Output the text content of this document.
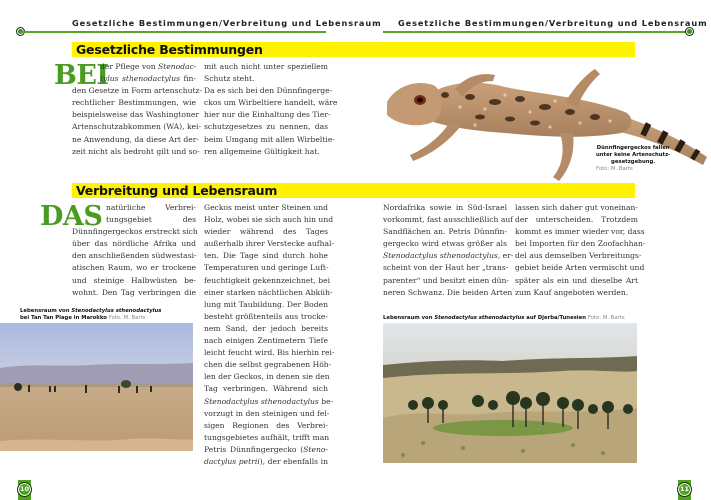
Gesetzliche Bestimmungen/Verbreitung und Lebensraum Gesetzliche Bestimmungen/Verbreitung und Lebensraum
Gesetzliche Bestimmungen
BEI
der Pflege von Stenodac-
tylus sthenodactylus fin-
den Gesetze in Form artenschutz-
rechtlicher Bestimmungen, wie
beispielsweise das Washingtoner
Artenschutzabkommen (WA), kei-
ne Anwendung, da diese Art der-
zeit nicht als bedroht gilt und so-
mit auch nicht unter speziellem
Schutz steht.
Da es sich bei den Dünnfingerge-
ckos um Wirbeltiere handelt, wäre
hier nur die Einhaltung des Tier-
schutzgesetzes zu nennen, das
beim Umgang mit allen Wirbeltie-
ren allgemeine Gültigkeit hat.	Dünnfingergeckos fallen
unter keine Artenschutz-
gesetzgebung.
Foto: M. Barts
Verbreitung und Lebensraum
DAS natürliche Verbrei-
tungsgebiet des
Dünnfingergeckos erstreckt sich
über das nördliche Afrika und
den anschließenden südwestasi-
atischen Raum, wo er trockene
und steinige Halbwüsten be-
wohnt. Den Tag verbringen die
Geckos meist unter Steinen und
Holz, wobei sie sich auch hin und
wieder während des Tages
außerhalb ihrer Verstecke aufhal-
ten. Die Tage sind durch hohe
Temperaturen und geringe Luft-
feuchtigkeit gekennzeichnet, bei
einer starken nächtlichen Abküh-
lung mit Taubildung. Der Boden
besteht größtenteils aus trocke-
nem Sand, der jedoch bereits
nach einigen Zentimetern Tiefe
leicht feucht wird. Bis hierhin rei-
chen die selbst gegrabenen Höh-
len der Geckos, in denen sie den
Tag verbringen. Während sich
Stenodactylus sthenodactylus be-
vorzugt in den steinigen und fel-
sigen Regionen des Verbrei-
tungsgebietes aufhält, trifft man
Petris Dünnfingergecko (Steno-
dactylus petrii), der ebenfalls in
Nordafrika sowie in Süd-Israel
vorkommt, fast ausschließlich auf
Sandflächen an. Petris Dünnfin-
gergecko wird etwas größer als
Stenodactylus sthenodactylus, er-
scheint von der Haut her „trans-
parenter“ und besitzt einen dün-
neren Schwanz. Die beiden Arten
lassen sich daher gut voneinan-
der unterscheiden. Trotzdem
kommt es immer wieder vor, dass
bei Importen für den Zoofachhan-
del aus demselben Verbreitungs-
gebiet beide Arten vermischt und
später als ein und dieselbe Art
zum Kauf angeboten werden.
Lebensraum von Stenodactylus sthenodactylus
bei Tan Tan Plage in Marokko Foto: M. Barts	Lebensraum von Stenodactylus sthenodactylus auf Djerba/Tunesien Foto: M. Barts
10	11
